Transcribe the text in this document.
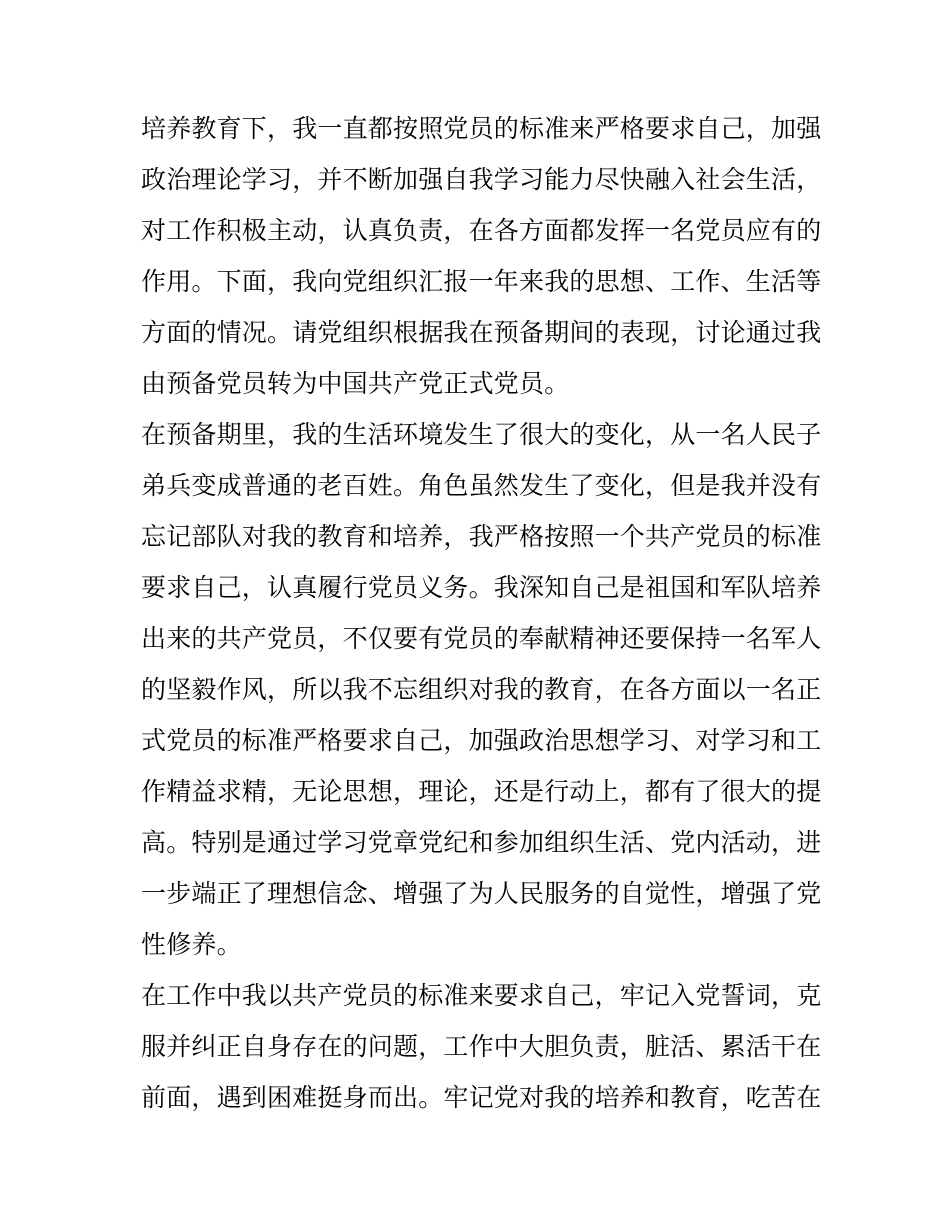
培养教育下，我一直都按照党员的标准来严格要求自己，加强
政治理论学习，并不断加强自我学习能力尽快融入社会生活，
对工作积极主动，认真负责，在各方面都发挥一名党员应有的
作用。下面，我向党组织汇报一年来我的思想、工作、生活等
方面的情况。请党组织根据我在预备期间的表现，讨论通过我
由预备党员转为中国共产党正式党员。

在预备期里，我的生活环境发生了很大的变化，从一名人民子
弟兵变成普通的老百姓。角色虽然发生了变化，但是我并没有
忘记部队对我的教育和培养，我严格按照一个共产党员的标准
要求自己，认真履行党员义务。我深知自己是祖国和军队培养
出来的共产党员，不仅要有党员的奉献精神还要保持一名军人
的坚毅作风，所以我不忘组织对我的教育，在各方面以一名正
式党员的标准严格要求自己，加强政治思想学习、对学习和工
作精益求精，无论思想，理论，还是行动上，都有了很大的提
高。特别是通过学习党章党纪和参加组织生活、党内活动，进
一步端正了理想信念、增强了为人民服务的自觉性，增强了党
性修养。

在工作中我以共产党员的标准来要求自己，牢记入党誓词，克
服并纠正自身存在的问题，工作中大胆负责，脏活、累活干在
前面，遇到困难挺身而出。牢记党对我的培养和教育，吃苦在
